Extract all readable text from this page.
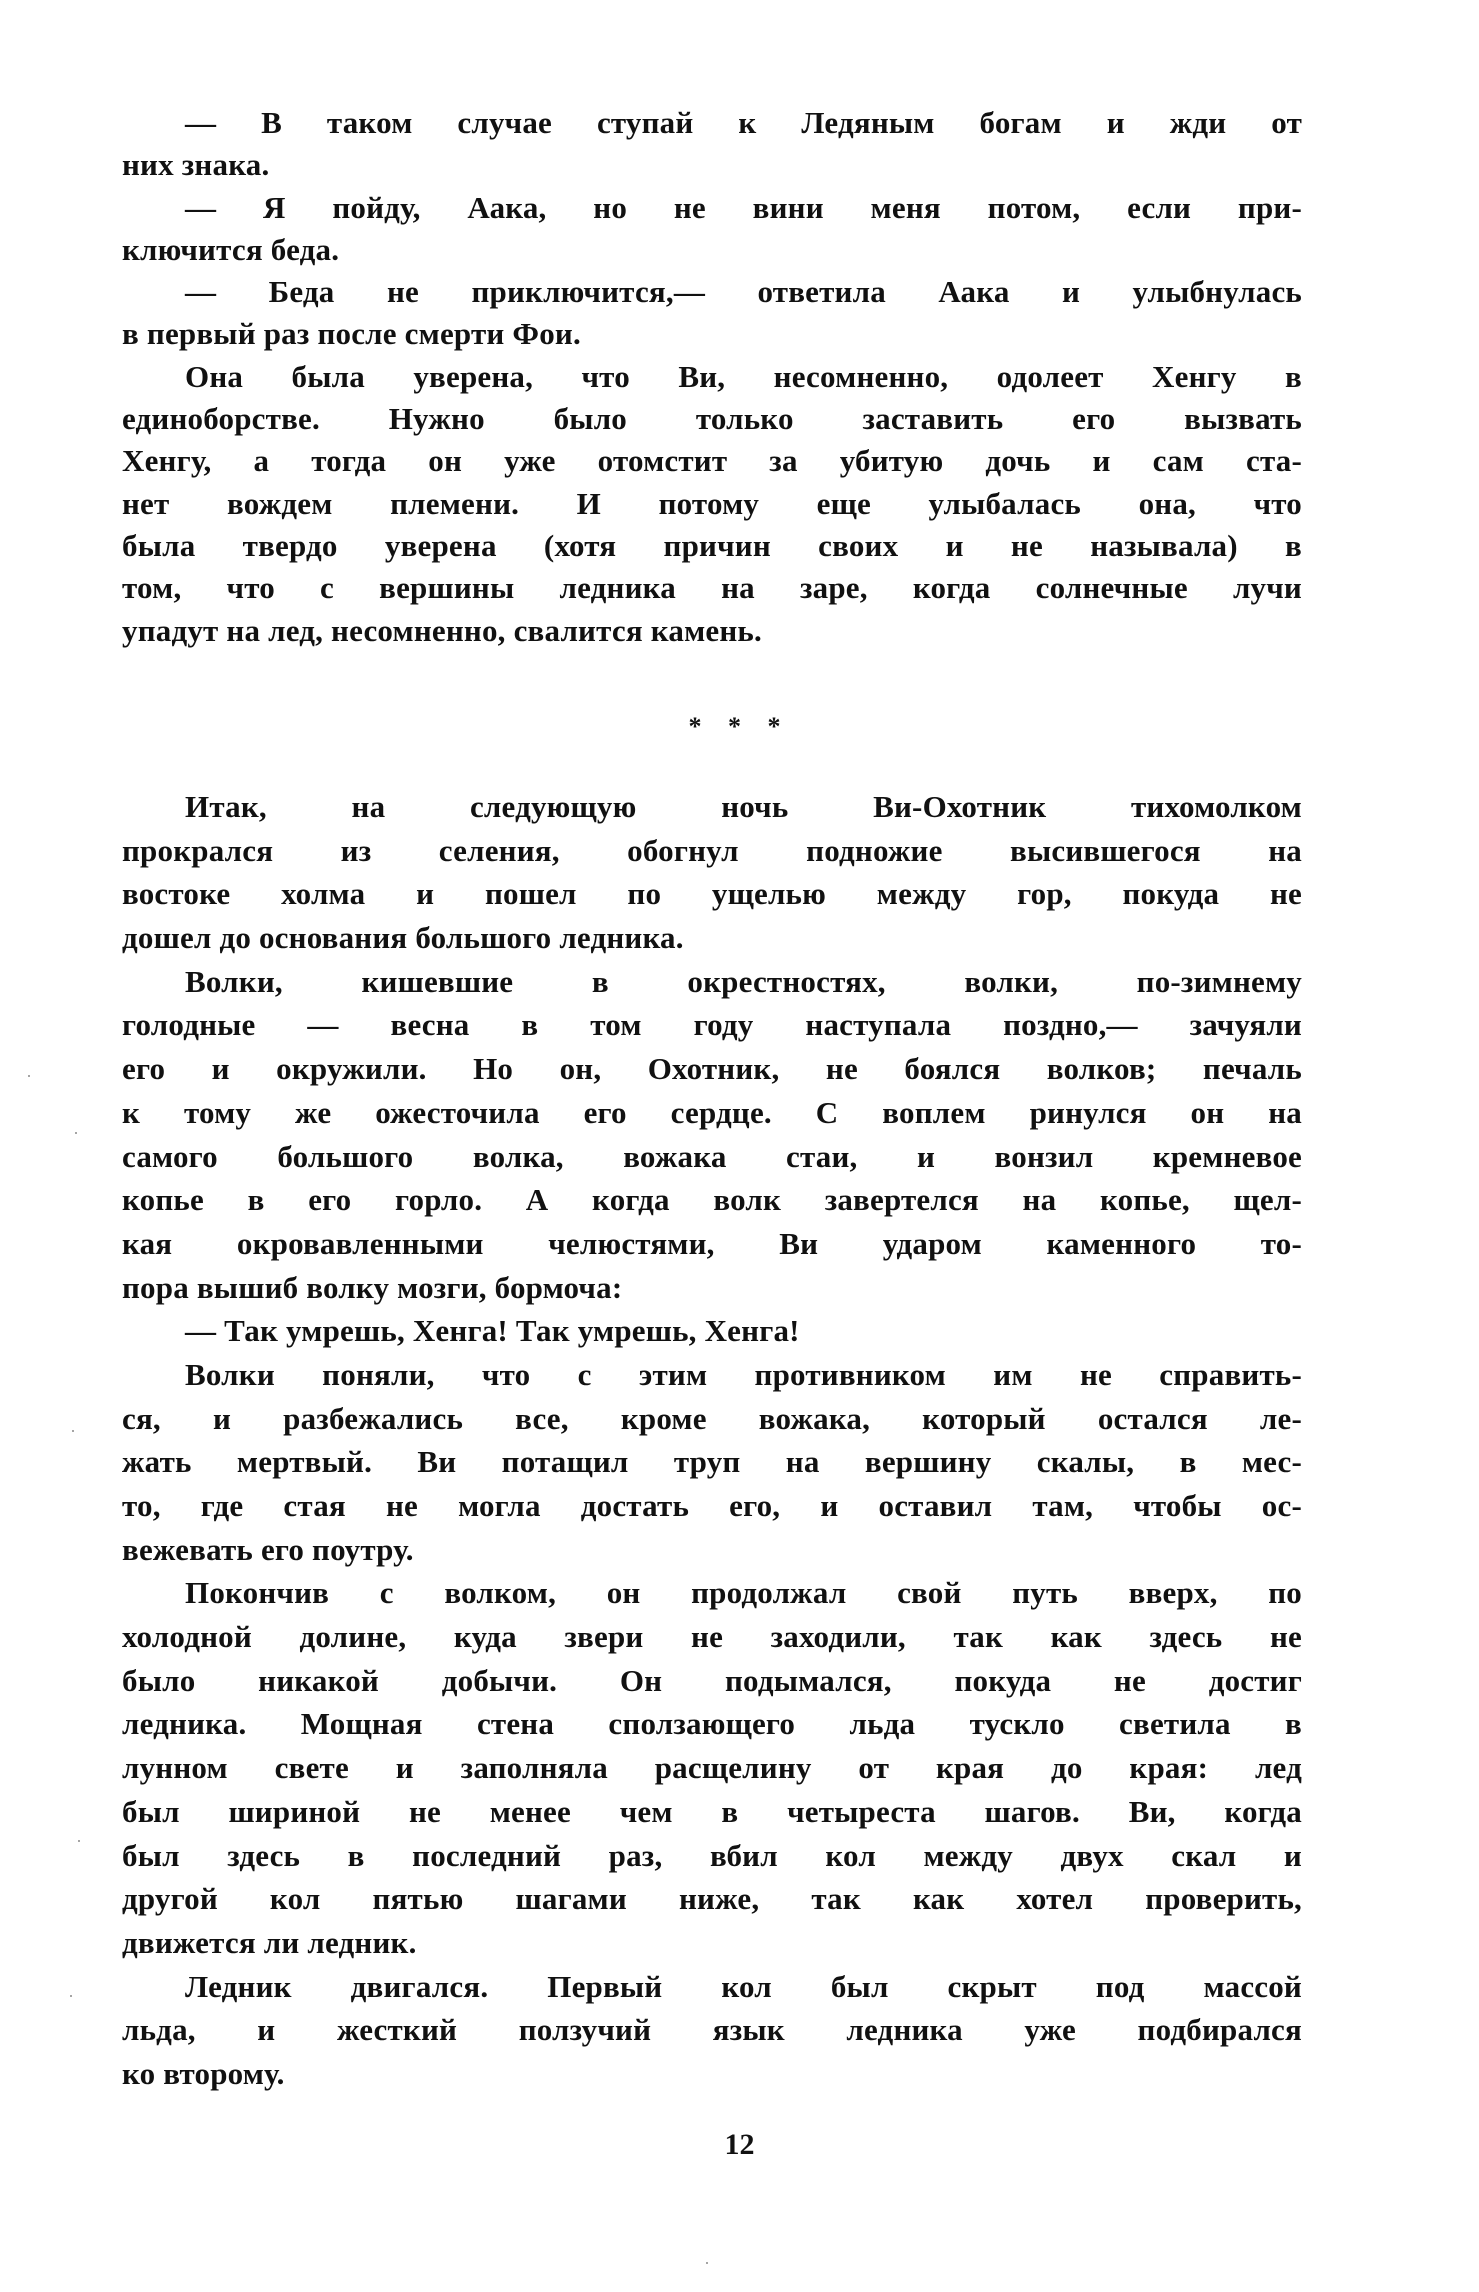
— В таком случае ступай к Ледяным богам и жди от
них знака.
— Я пойду, Аака, но не вини меня потом, если при-
ключится беда.
— Беда не приключится,— ответила Аака и улыбнулась
в первый раз после смерти Фои.
Она была уверена, что Ви, несомненно, одолеет Хенгу в
единоборстве. Нужно было только заставить его вызвать
Хенгу, а тогда он уже отомстит за убитую дочь и сам ста-
нет вождем племени. И потому еще улыбалась она, что
была твердо уверена (хотя причин своих и не называла) в
том, что с вершины ледника на заре, когда солнечные лучи
упадут на лед, несомненно, свалится камень.
* * *
Итак, на следующую ночь Ви-Охотник тихомолком
прокрался из селения, обогнул подножие высившегося на
востоке холма и пошел по ущелью между гор, покуда не
дошел до основания большого ледника.
Волки, кишевшие в окрестностях, волки, по-зимнему
голодные — весна в том году наступала поздно,— зачуяли
его и окружили. Но он, Охотник, не боялся волков; печаль
к тому же ожесточила его сердце. С воплем ринулся он на
самого большого волка, вожака стаи, и вонзил кремневое
копье в его горло. А когда волк завертелся на копье, щел-
кая окровавленными челюстями, Ви ударом каменного то-
пора вышиб волку мозги, бормоча:
— Так умрешь, Хенга! Так умрешь, Хенга!
Волки поняли, что с этим противником им не справить-
ся, и разбежались все, кроме вожака, который остался ле-
жать мертвый. Ви потащил труп на вершину скалы, в мес-
то, где стая не могла достать его, и оставил там, чтобы ос-
вежевать его поутру.
Покончив с волком, он продолжал свой путь вверх, по
холодной долине, куда звери не заходили, так как здесь не
было никакой добычи. Он подымался, покуда не достиг
ледника. Мощная стена сползающего льда тускло светила в
лунном свете и заполняла расщелину от края до края: лед
был шириной не менее чем в четыреста шагов. Ви, когда
был здесь в последний раз, вбил кол между двух скал и
другой кол пятью шагами ниже, так как хотел проверить,
движется ли ледник.
Ледник двигался. Первый кол был скрыт под массой
льда, и жесткий ползучий язык ледника уже подбирался
ко второму.
12
